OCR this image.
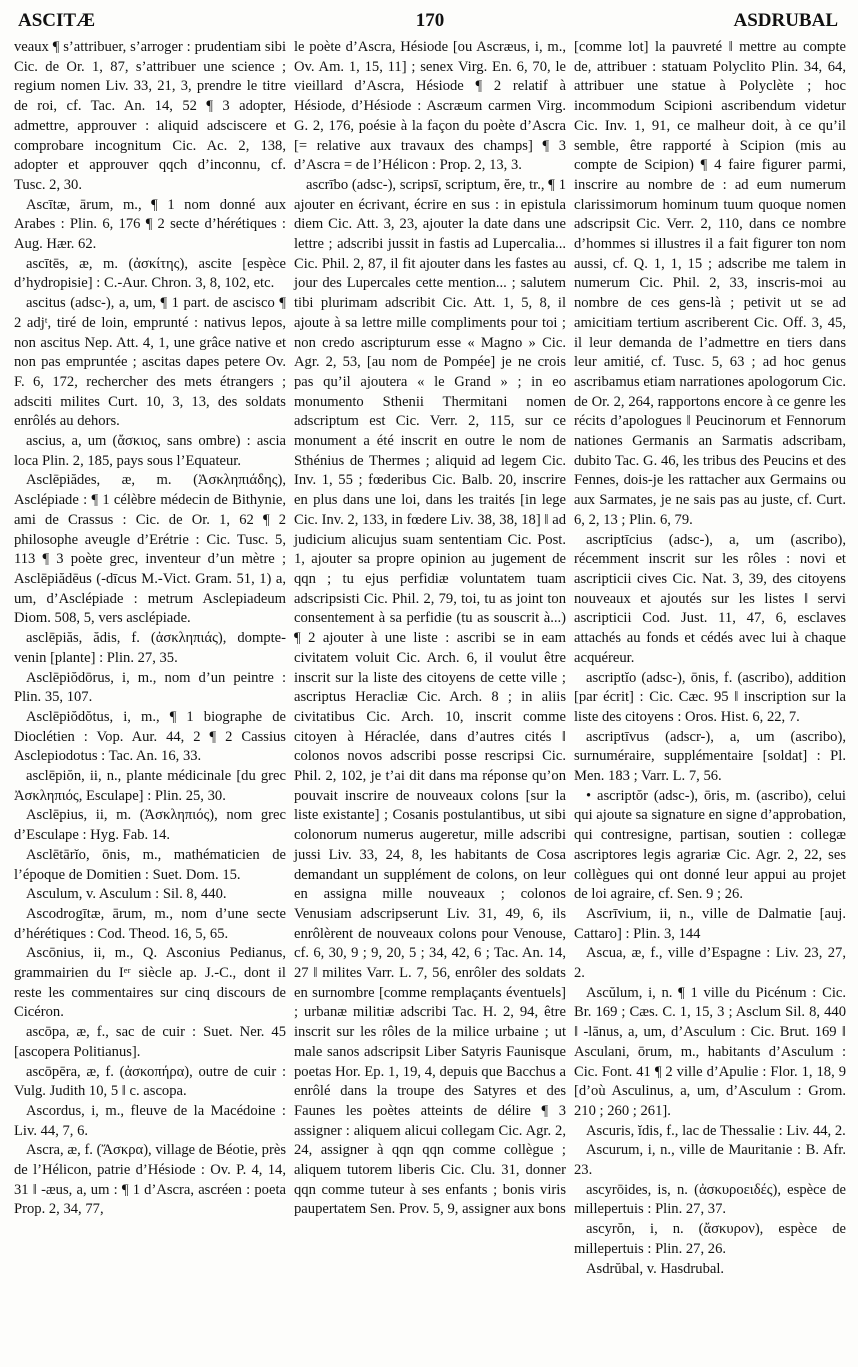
ASCITÆ	170	ASDRUBAL

veaux ¶ s’attribuer, s’arroger : prudentiam sibi Cic. de Or. 1, 87, s’attribuer une science ; regium nomen Liv. 33, 21, 3, prendre le titre de roi, cf. Tac. An. 14, 52 ¶ 3 adopter, admettre, approuver : aliquid adsciscere et comprobare incognitum Cic. Ac. 2, 138, adopter et approuver qqch d’inconnu, cf. Tusc. 2, 30.

Ascītæ, ārum, m., ¶ 1 nom donné aux Arabes : Plin. 6, 176 ¶ 2 secte d’hérétiques : Aug. Hær. 62.

ascītēs, æ, m. (ἀσκίτης), ascite [espèce d’hydropisie] : C.-Aur. Chron. 3, 8, 102, etc.

ascitus (adsc-), a, um, ¶ 1 part. de ascisco ¶ 2 adjᵗ, tiré de loin, emprunté : nativus lepos, non ascitus Nep. Att. 4, 1, une grâce native et non pas empruntée ; ascitas dapes petere Ov. F. 6, 172, rechercher des mets étrangers ; adsciti milites Curt. 10, 3, 13, des soldats enrôlés au dehors.

ascius, a, um (ἄσκιος, sans ombre) : ascia loca Plin. 2, 185, pays sous l’Equateur.

Asclēpiădes, æ, m. (Ἀσκληπιάδης), Asclépiade : ¶ 1 célèbre médecin de Bithynie, ami de Crassus : Cic. de Or. 1, 62 ¶ 2 philosophe aveugle d’Erétrie : Cic. Tusc. 5, 113 ¶ 3 poète grec, inventeur d’un mètre ; Asclēpiădēus (-dīcus M.-Vict. Gram. 51, 1) a, um, d’Asclépiade : metrum Asclepiadeum Diom. 508, 5, vers asclépiade.

asclēpiăs, ădis, f. (ἀσκληπιάς), dompte-venin [plante] : Plin. 27, 35.

Asclēpiŏdōrus, i, m., nom d’un peintre : Plin. 35, 107.

Asclēpiŏdŏtus, i, m., ¶ 1 biographe de Dioclétien : Vop. Aur. 44, 2 ¶ 2 Cassius Asclepiodotus : Tac. An. 16, 33.

asclēpiŏn, ii, n., plante médicinale [du grec Ἀσκληπιός, Esculape] : Plin. 25, 30.

Asclēpius, ii, m. (Ἀσκληπιός), nom grec d’Esculape : Hyg. Fab. 14.

Asclētārĭo, ōnis, m., mathématicien de l’époque de Domitien : Suet. Dom. 15.

Asculum, v. Asculum : Sil. 8, 440.

Ascodrogītæ, ārum, m., nom d’une secte d’hérétiques : Cod. Theod. 16, 5, 65.

Ascōnius, ii, m., Q. Asconius Pedianus, grammairien du Iᵉʳ siècle ap. J.-C., dont il reste les commentaires sur cinq discours de Cicéron.

ascōpa, æ, f., sac de cuir : Suet. Ner. 45 [ascopera Politianus].

ascōpēra, æ, f. (ἀσκοπήρα), outre de cuir : Vulg. Judith 10, 5 ‖ c. ascopa.

Ascordus, i, m., fleuve de la Macédoine : Liv. 44, 7, 6.

Ascra, æ, f. (Ἄσκρα), village de Béotie, près de l’Hélicon, patrie d’Hésiode : Ov. P. 4, 14, 31 ‖ -æus, a, um : ¶ 1 d’Ascra, ascréen : poeta Prop. 2, 34, 77,

le poète d’Ascra, Hésiode [ou Ascræus, i, m., Ov. Am. 1, 15, 11] ; senex Virg. En. 6, 70, le vieillard d’Ascra, Hésiode ¶ 2 relatif à Hésiode, d’Hésiode : Ascræum carmen Virg. G. 2, 176, poésie à la façon du poète d’Ascra [= relative aux travaux des champs] ¶ 3 d’Ascra = de l’Hélicon : Prop. 2, 13, 3.

ascrībo (adsc-), scripsī, scriptum, ĕre, tr., ¶ 1 ajouter en écrivant, écrire en sus : in epistula diem Cic. Att. 3, 23, ajouter la date dans une lettre ; adscribi jussit in fastis ad Lupercalia... Cic. Phil. 2, 87, il fit ajouter dans les fastes au jour des Lupercales cette mention... ; salutem tibi plurimam adscribit Cic. Att. 1, 5, 8, il ajoute à sa lettre mille compliments pour toi ; non credo ascripturum esse « Magno » Cic. Agr. 2, 53, [au nom de Pompée] je ne crois pas qu’il ajoutera « le Grand » ; in eo monumento Sthenii Thermitani nomen adscriptum est Cic. Verr. 2, 115, sur ce monument a été inscrit en outre le nom de Sthénius de Thermes ; aliquid ad legem Cic. Inv. 1, 55 ; fœderibus Cic. Balb. 20, inscrire en plus dans une loi, dans les traités [in lege Cic. Inv. 2, 133, in fœdere Liv. 38, 38, 18] ‖ ad judicium alicujus suam sententiam Cic. Post. 1, ajouter sa propre opinion au jugement de qqn ; tu ejus perfidiæ voluntatem tuam adscripsisti Cic. Phil. 2, 79, toi, tu as joint ton consentement à sa perfidie (tu as souscrit à...) ¶ 2 ajouter à une liste : ascribi se in eam civitatem voluit Cic. Arch. 6, il voulut être inscrit sur la liste des citoyens de cette ville ; ascriptus Heracliæ Cic. Arch. 8 ; in aliis civitatibus Cic. Arch. 10, inscrit comme citoyen à Héraclée, dans d’autres cités ‖ colonos novos adscribi posse rescripsi Cic. Phil. 2, 102, je t’ai dit dans ma réponse qu’on pouvait inscrire de nouveaux colons [sur la liste existante] ; Cosanis postulantibus, ut sibi colonorum numerus augeretur, mille adscribi jussi Liv. 33, 24, 8, les habitants de Cosa demandant un supplément de colons, on leur en assigna mille nouveaux ; colonos Venusiam adscripserunt Liv. 31, 49, 6, ils enrôlèrent de nouveaux colons pour Venouse, cf. 6, 30, 9 ; 9, 20, 5 ; 34, 42, 6 ; Tac. An. 14, 27 ‖ milites Varr. L. 7, 56, enrôler des soldats en surnombre [comme remplaçants éventuels] ; urbanæ militiæ adscribi Tac. H. 2, 94, être inscrit sur les rôles de la milice urbaine ; ut male sanos adscripsit Liber Satyris Faunisque poetas Hor. Ep. 1, 19, 4, depuis que Bacchus a enrôlé dans la troupe des Satyres et des Faunes les poètes atteints de délire ¶ 3 assigner : aliquem alicui collegam Cic. Agr. 2, 24, assigner à qqn qqn comme collègue ; aliquem tutorem liberis Cic. Clu. 31, donner qqn comme tuteur à ses enfants ; bonis viris paupertatem Sen. Prov. 5, 9, assigner aux bons

[comme lot] la pauvreté ‖ mettre au compte de, attribuer : statuam Polyclito Plin. 34, 64, attribuer une statue à Polyclète ; hoc incommodum Scipioni ascribendum videtur Cic. Inv. 1, 91, ce malheur doit, à ce qu’il semble, être rapporté à Scipion (mis au compte de Scipion) ¶ 4 faire figurer parmi, inscrire au nombre de : ad eum numerum clarissimorum hominum tuum quoque nomen adscripsit Cic. Verr. 2, 110, dans ce nombre d’hommes si illustres il a fait figurer ton nom aussi, cf. Q. 1, 1, 15 ; adscribe me talem in numerum Cic. Phil. 2, 33, inscris-moi au nombre de ces gens-là ; petivit ut se ad amicitiam tertium ascriberent Cic. Off. 3, 45, il leur demanda de l’admettre en tiers dans leur amitié, cf. Tusc. 5, 63 ; ad hoc genus ascribamus etiam narrationes apologorum Cic. de Or. 2, 264, rapportons encore à ce genre les récits d’apologues ‖ Peucinorum et Fennorum nationes Germanis an Sarmatis adscribam, dubito Tac. G. 46, les tribus des Peucins et des Fennes, dois-je les rattacher aux Germains ou aux Sarmates, je ne sais pas au juste, cf. Curt. 6, 2, 13 ; Plin. 6, 79.

ascriptīcius (adsc-), a, um (ascribo), récemment inscrit sur les rôles : novi et ascripticii cives Cic. Nat. 3, 39, des citoyens nouveaux et ajoutés sur les listes ‖ servi ascripticii Cod. Just. 11, 47, 6, esclaves attachés au fonds et cédés avec lui à chaque acquéreur.

ascriptĭo (adsc-), ōnis, f. (ascribo), addition [par écrit] : Cic. Cæc. 95 ‖ inscription sur la liste des citoyens : Oros. Hist. 6, 22, 7.

ascriptīvus (adscr-), a, um (ascribo), surnuméraire, supplémentaire [soldat] : Pl. Men. 183 ; Varr. L. 7, 56.

• ascriptŏr (adsc-), ōris, m. (ascribo), celui qui ajoute sa signature en signe d’approbation, qui contresigne, partisan, soutien : collegæ ascriptores legis agrariæ Cic. Agr. 2, 22, ses collègues qui ont donné leur appui au projet de loi agraire, cf. Sen. 9 ; 26.

Ascrīvium, ii, n., ville de Dalmatie [auj. Cattaro] : Plin. 3, 144

Ascua, æ, f., ville d’Espagne : Liv. 23, 27, 2.

Ascŭlum, i, n. ¶ 1 ville du Picénum : Cic. Br. 169 ; Cæs. C. 1, 15, 3 ; Asclum Sil. 8, 440 ‖ -lānus, a, um, d’Asculum : Cic. Brut. 169 ‖ Asculani, ōrum, m., habitants d’Asculum : Cic. Font. 41 ¶ 2 ville d’Apulie : Flor. 1, 18, 9 [d’où Asculinus, a, um, d’Asculum : Grom. 210 ; 260 ; 261].

Ascuris, ĭdis, f., lac de Thessalie : Liv. 44, 2.

Ascurum, i, n., ville de Mauritanie : B. Afr. 23.

ascyrōides, is, n. (ἀσκυροειδές), espèce de millepertuis : Plin. 27, 37.

ascyrŏn, i, n. (ἄσκυρον), espèce de millepertuis : Plin. 27, 26.

Asdrŭbal, v. Hasdrubal.
